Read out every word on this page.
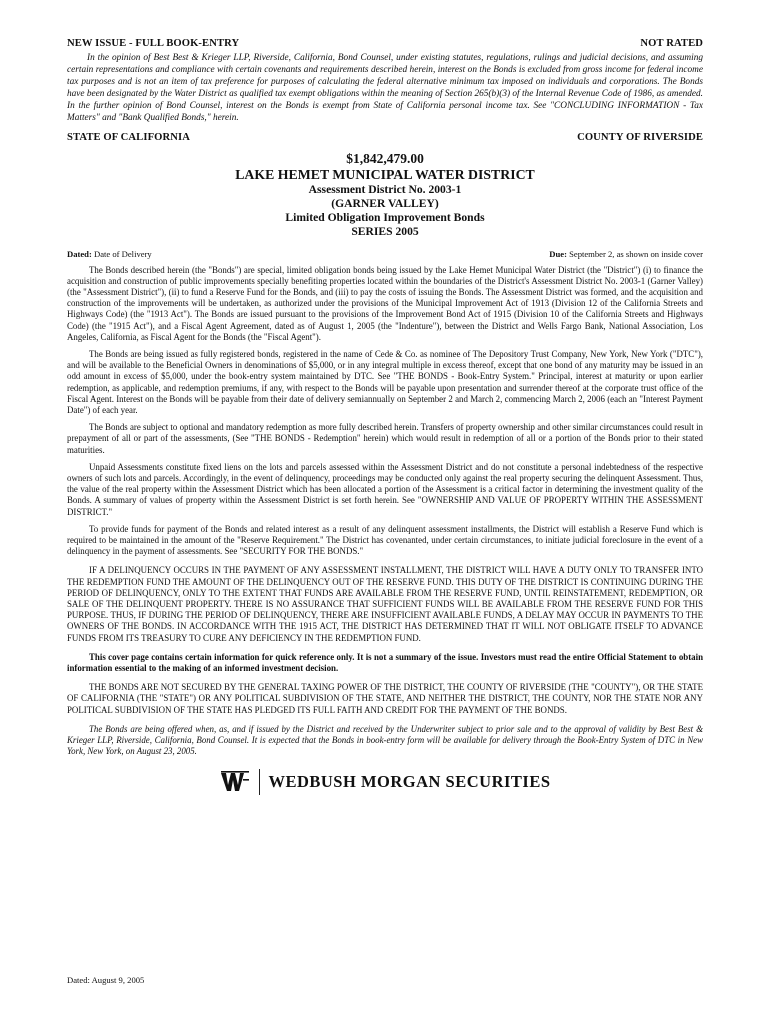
NEW ISSUE - FULL BOOK-ENTRY	NOT RATED

In the opinion of Best Best & Krieger LLP, Riverside, California, Bond Counsel, under existing statutes, regulations, rulings and judicial decisions, and assuming certain representations and compliance with certain covenants and requirements described herein, interest on the Bonds is excluded from gross income for federal income tax purposes and is not an item of tax preference for purposes of calculating the federal alternative minimum tax imposed on individuals and corporations. The Bonds have been designated by the Water District as qualified tax exempt obligations within the meaning of Section 265(b)(3) of the Internal Revenue Code of 1986, as amended. In the further opinion of Bond Counsel, interest on the Bonds is exempt from State of California personal income tax. See "CONCLUDING INFORMATION - Tax Matters" and "Bank Qualified Bonds," herein.

STATE OF CALIFORNIA	COUNTY OF RIVERSIDE
$1,842,479.00
LAKE HEMET MUNICIPAL WATER DISTRICT
Assessment District No. 2003-1
(GARNER VALLEY)
Limited Obligation Improvement Bonds
SERIES 2005
Dated: Date of Delivery	Due: September 2, as shown on inside cover

The Bonds described herein (the "Bonds") are special, limited obligation bonds being issued by the Lake Hemet Municipal Water District (the "District") (i) to finance the acquisition and construction of public improvements specially benefiting properties located within the boundaries of the District's Assessment District No. 2003-1 (Garner Valley) (the "Assessment District"), (ii) to fund a Reserve Fund for the Bonds, and (iii) to pay the costs of issuing the Bonds. The Assessment District was formed, and the acquisition and construction of the improvements will be undertaken, as authorized under the provisions of the Municipal Improvement Act of 1913 (Division 12 of the California Streets and Highways Code) (the "1913 Act"). The Bonds are issued pursuant to the provisions of the Improvement Bond Act of 1915 (Division 10 of the California Streets and Highways Code) (the "1915 Act"), and a Fiscal Agent Agreement, dated as of August 1, 2005 (the "Indenture"), between the District and Wells Fargo Bank, National Association, Los Angeles, California, as Fiscal Agent for the Bonds (the "Fiscal Agent").

The Bonds are being issued as fully registered bonds, registered in the name of Cede & Co. as nominee of The Depository Trust Company, New York, New York ("DTC"), and will be available to the Beneficial Owners in denominations of $5,000, or in any integral multiple in excess thereof, except that one bond of any maturity may be issued in an odd amount in excess of $5,000, under the book-entry system maintained by DTC. See "THE BONDS - Book-Entry System." Principal, interest at maturity or upon earlier redemption, as applicable, and redemption premiums, if any, with respect to the Bonds will be payable upon presentation and surrender thereof at the corporate trust office of the Fiscal Agent. Interest on the Bonds will be payable from their date of delivery semiannually on September 2 and March 2, commencing March 2, 2006 (each an "Interest Payment Date") of each year.

The Bonds are subject to optional and mandatory redemption as more fully described herein. Transfers of property ownership and other similar circumstances could result in prepayment of all or part of the assessments, (See "THE BONDS - Redemption" herein) which would result in redemption of all or a portion of the Bonds prior to their stated maturities.

Unpaid Assessments constitute fixed liens on the lots and parcels assessed within the Assessment District and do not constitute a personal indebtedness of the respective owners of such lots and parcels. Accordingly, in the event of delinquency, proceedings may be conducted only against the real property securing the delinquent Assessment. Thus, the value of the real property within the Assessment District which has been allocated a portion of the Assessment is a critical factor in determining the investment quality of the Bonds. A summary of values of property within the Assessment District is set forth herein. See "OWNERSHIP AND VALUE OF PROPERTY WITHIN THE ASSESSMENT DISTRICT."

To provide funds for payment of the Bonds and related interest as a result of any delinquent assessment installments, the District will establish a Reserve Fund which is required to be maintained in the amount of the "Reserve Requirement." The District has covenanted, under certain circumstances, to initiate judicial foreclosure in the event of a delinquency in the payment of assessments. See "SECURITY FOR THE BONDS."

IF A DELINQUENCY OCCURS IN THE PAYMENT OF ANY ASSESSMENT INSTALLMENT, THE DISTRICT WILL HAVE A DUTY ONLY TO TRANSFER INTO THE REDEMPTION FUND THE AMOUNT OF THE DELINQUENCY OUT OF THE RESERVE FUND. THIS DUTY OF THE DISTRICT IS CONTINUING DURING THE PERIOD OF DELINQUENCY, ONLY TO THE EXTENT THAT FUNDS ARE AVAILABLE FROM THE RESERVE FUND, UNTIL REINSTATEMENT, REDEMPTION, OR SALE OF THE DELINQUENT PROPERTY. THERE IS NO ASSURANCE THAT SUFFICIENT FUNDS WILL BE AVAILABLE FROM THE RESERVE FUND FOR THIS PURPOSE. THUS, IF DURING THE PERIOD OF DELINQUENCY, THERE ARE INSUFFICIENT AVAILABLE FUNDS, A DELAY MAY OCCUR IN PAYMENTS TO THE OWNERS OF THE BONDS. IN ACCORDANCE WITH THE 1915 ACT, THE DISTRICT HAS DETERMINED THAT IT WILL NOT OBLIGATE ITSELF TO ADVANCE FUNDS FROM ITS TREASURY TO CURE ANY DEFICIENCY IN THE REDEMPTION FUND.

This cover page contains certain information for quick reference only. It is not a summary of the issue. Investors must read the entire Official Statement to obtain information essential to the making of an informed investment decision.

THE BONDS ARE NOT SECURED BY THE GENERAL TAXING POWER OF THE DISTRICT, THE COUNTY OF RIVERSIDE (THE "COUNTY"), OR THE STATE OF CALIFORNIA (THE "STATE") OR ANY POLITICAL SUBDIVISION OF THE STATE, AND NEITHER THE DISTRICT, THE COUNTY, NOR THE STATE NOR ANY POLITICAL SUBDIVISION OF THE STATE HAS PLEDGED ITS FULL FAITH AND CREDIT FOR THE PAYMENT OF THE BONDS.

The Bonds are being offered when, as, and if issued by the District and received by the Underwriter subject to prior sale and to the approval of validity by Best Best & Krieger LLP, Riverside, California, Bond Counsel. It is expected that the Bonds in book-entry form will be available for delivery through the Book-Entry System of DTC in New York, New York, on August 23, 2005.

WEDBUSH MORGAN SECURITIES
Dated: August 9, 2005
